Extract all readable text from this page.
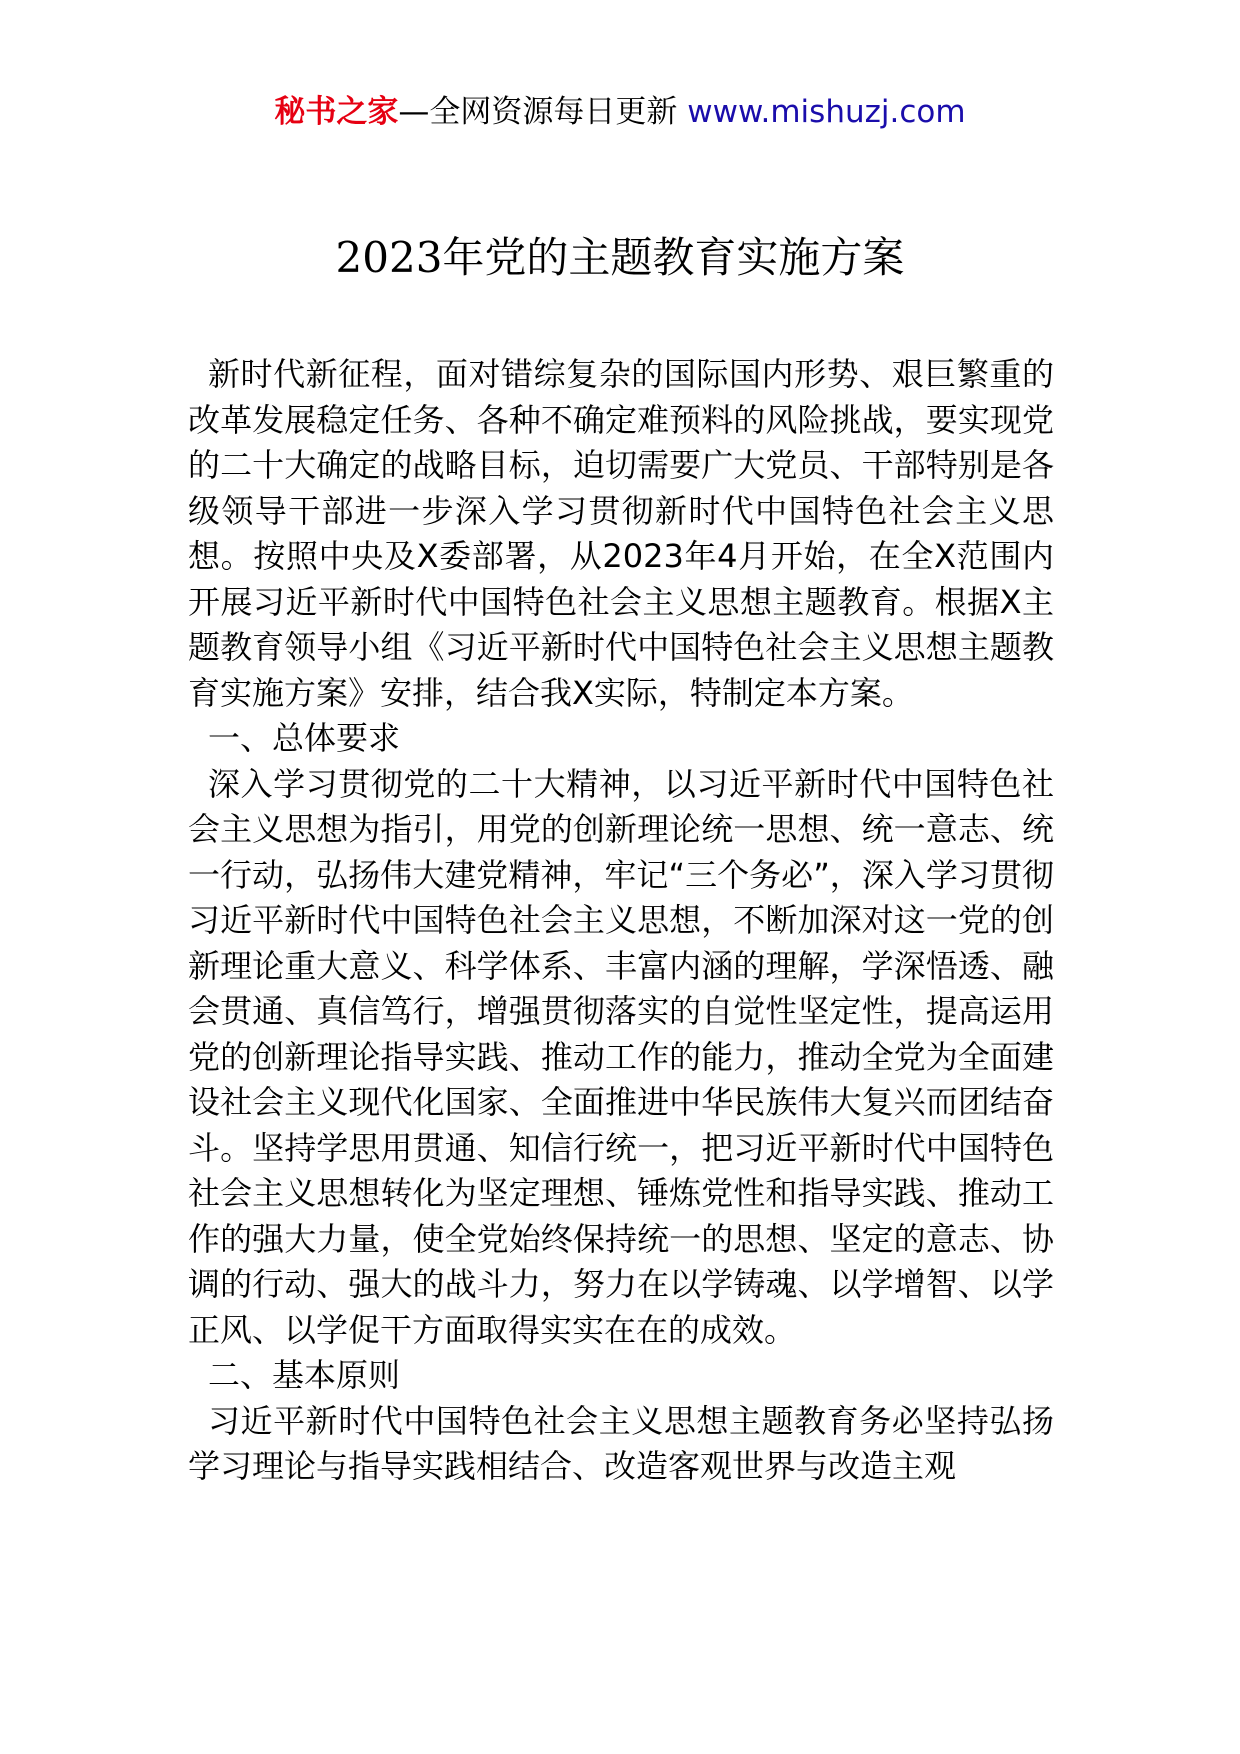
秘书之家—全网资源每日更新 www.mishuzj.com
2023年党的主题教育实施方案

新时代新征程，面对错综复杂的国际国内形势、艰巨繁重的改革发展稳定任务、各种不确定难预料的风险挑战，要实现党的二十大确定的战略目标，迫切需要广大党员、干部特别是各级领导干部进一步深入学习贯彻新时代中国特色社会主义思想。按照中央及X委部署，从2023年4月开始，在全X范围内开展习近平新时代中国特色社会主义思想主题教育。根据X主题教育领导小组《习近平新时代中国特色社会主义思想主题教育实施方案》安排，结合我X实际，特制定本方案。

一、总体要求

深入学习贯彻党的二十大精神，以习近平新时代中国特色社会主义思想为指引，用党的创新理论统一思想、统一意志、统一行动，弘扬伟大建党精神，牢记“三个务必”，深入学习贯彻习近平新时代中国特色社会主义思想，不断加深对这一党的创新理论重大意义、科学体系、丰富内涵的理解，学深悟透、融会贯通、真信笃行，增强贯彻落实的自觉性坚定性，提高运用党的创新理论指导实践、推动工作的能力，推动全党为全面建设社会主义现代化国家、全面推进中华民族伟大复兴而团结奋斗。坚持学思用贯通、知信行统一，把习近平新时代中国特色社会主义思想转化为坚定理想、锤炼党性和指导实践、推动工作的强大力量，使全党始终保持统一的思想、坚定的意志、协调的行动、强大的战斗力，努力在以学铸魂、以学增智、以学正风、以学促干方面取得实实在在的成效。

二、基本原则

习近平新时代中国特色社会主义思想主题教育务必坚持弘扬学习理论与指导实践相结合、改造客观世界与改造主观
